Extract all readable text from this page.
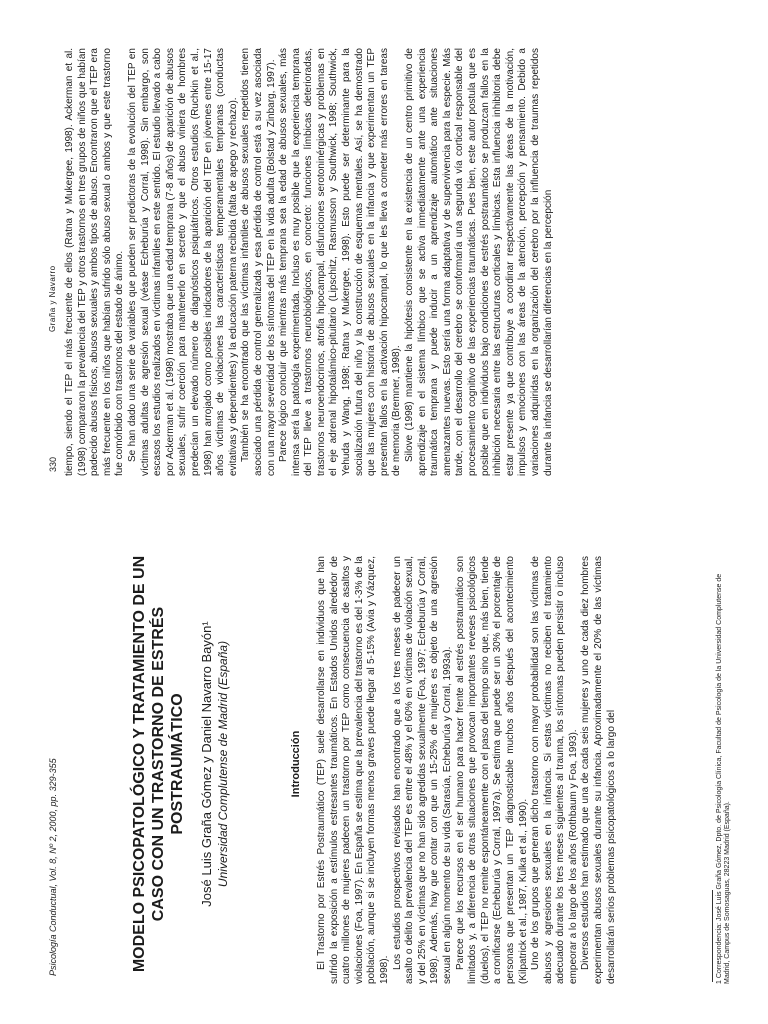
Psicología Conductual, Vol. 8, Nº 2, 2000, pp. 329-355	MODELO PSICOPATOLÓGICO Y TRATAMIENTO DE UN CASO CON UN TRASTORNO DE ESTRÉS POSTRAUMÁTICO José Luis Graña Gómez y Daniel Navarro Bayón¹ Universidad Complutense de Madrid (España)	Introducción El Trastorno por Estrés Postraumático (TEP) suele desarrollarse en individuos que han sufrido la exposición a estímulos estresantes traumáticos. En Estados Unidos alrededor de cuatro millones de mujeres padecen un trastorno por TEP como consecuencia de asaltos y violaciones (Foa, 1997). En España se estima que la prevalencia del trastorno es del 1-3% de la población, aunque si se incluyen formas menos graves puede llegar al 5-15% (Avia y Vázquez, 1998). Los estudios prospectivos revisados han encontrado que a los tres meses de padecer un asalto o delito la prevalencia del TEP es entre el 48% y el 60% en víctimas de violación sexual, y del 25% en víctimas que no han sido agredidas sexualmente (Foa, 1997; Echeburúa y Corral, 1998). Además, hay que contar con que un 15-25% de mujeres es objeto de una agresión sexual en algún momento de su vida (Sarasúa, Echeburúa y Corral, 1993a). Parece que los recursos en el ser humano para hacer frente al estrés postraumático son limitados y, a diferencia de otras situaciones que provocan importantes reveses psicológicos (duelos), el TEP no remite espontáneamente con el paso del tiempo sino que, más bien, tiende a cronificarse (Echeburúa y Corral, 1997a). Se estima que puede ser un 30% el porcentaje de personas que presentan un TEP diagnosticable muchos años después del acontecimiento (Kilpatrick et al., 1987, Kulka et al., 1990). Uno de los grupos que generan dicho trastorno con mayor probabilidad son las víctimas de abusos y agresiones sexuales en la infancia. Si estas víctimas no reciben el tratamiento adecuado durante los tres meses siguientes al trauma, los síntomas pueden persistir o incluso empeorar a lo largo de los años (Rothbaum y Foa, 1993). Diversos estudios han estimado que una de cada seis mujeres y uno de cada diez hombres experimentan abusos sexuales durante su infancia. Aproximadamente el 20% de las víctimas desarrollarán serios problemas psicopatológicos a lo largo del	1 Correspondencia: José Luis Graña Gómez, Dpto. de Psicología Clínica, Facultad de Psicología de la Universidad Complutense de Madrid, Campus de Somosaguas, 28223 Madrid (España).
330
Graña y Navarro tiempo, siendo el TEP el más frecuente de ellos (Ratna y Mukergee, 1998). Ackerman et al. (1998) compararon la prevalencia del TEP y otros trastornos en tres grupos de niños que habían padecido abusos físicos, abusos sexuales y ambos tipos de abuso. Encontraron que el TEP era más frecuente en los niños que habían sufrido sólo abuso sexual o ambos y que este trastorno fue comórbido con trastornos del estado de ánimo. Se han dado una serie de variables que pueden ser predictoras de la evolución del TEP en víctimas adultas de agresión sexual (véase Echeburúa y Corral, 1998). Sin embargo, son escasos los estudios realizados en víctimas infantiles en este sentido. El estudio llevado a cabo por Ackerman et al. (1998) mostraba que una edad temprana (7-8 años) de aparición de abusos sexuales, sufrir coerción para mantenerlo en secreto y que el abuso viniera de hombres predecían un elevado número de diagnósticos psiquiátricos. Otros estudios (Ruchkin et al., 1998) han arrojado como posibles indicadores de la aparición del TEP en jóvenes entre 15-17 años víctimas de violaciones las características temperamentales tempranas (conductas evitativas y dependientes) y la educación paterna recibida (falta de apego y rechazo). También se ha encontrado que las víctimas infantiles de abusos sexuales repetidos tienen asociado una pérdida de control generalizada y esa pérdida de control está a su vez asociada con una mayor severidad de los síntomas del TEP en la vida adulta (Bolstad y Zinbarg, 1997). Parece lógico concluir que mientras más temprana sea la edad de abusos sexuales, más intensa será la patología experimentada. Incluso es muy posible que la experiencia temprana del TEP lleve a trastornos neurobiológicos, en concreto: funciones límbicas deterioradas, trastornos neuroendocrinos, atrofia hipocampal, disfunciones serotoninérgicas y problemas en el eje adrenal hipotalámico-pituitario (Lipschitz, Rasmusson y Southwick, 1998; Southwick, Yehuda y Wang, 1998; Ratna y Mukergee, 1998). Esto puede ser determinante para la socialización futura del niño y la construcción de esquemas mentales. Así, se ha demostrado que las mujeres con historia de abusos sexuales en la infancia y que experimentan un TEP presentan fallos en la activación hipocampal, lo que les lleva a cometer más errores en tareas de memoria (Bremner, 1998). Silove (1998) mantiene la hipótesis consistente en la existencia de un centro primitivo de aprendizaje en el sistema límbico que se activa inmediatamente ante una experiencia traumática temprana y puede inducir a un aprendizaje automático ante situaciones amenazantes nuevas. Esto sería una forma adaptativa y de supervivencia para la especie. Más tarde, con el desarrollo del cerebro se conformaría una segunda vía cortical responsable del procesamiento cognitivo de las experiencias traumáticas. Pues bien, este autor postula que es posible que en individuos bajo condiciones de estrés postraumático se produzcan fallos en la inhibición necesaria entre las estructuras corticales y límbicas. Esta influencia inhibitoria debe estar presente ya que contribuye a coordinar respectivamente las áreas de la motivación, impulsos y emociones con las áreas de la atención, percepción y pensamiento. Debido a variaciones adquiridas en la organización del cerebro por la influencia de traumas repetidos durante la infancia se desarrollarían diferencias en la percepción
